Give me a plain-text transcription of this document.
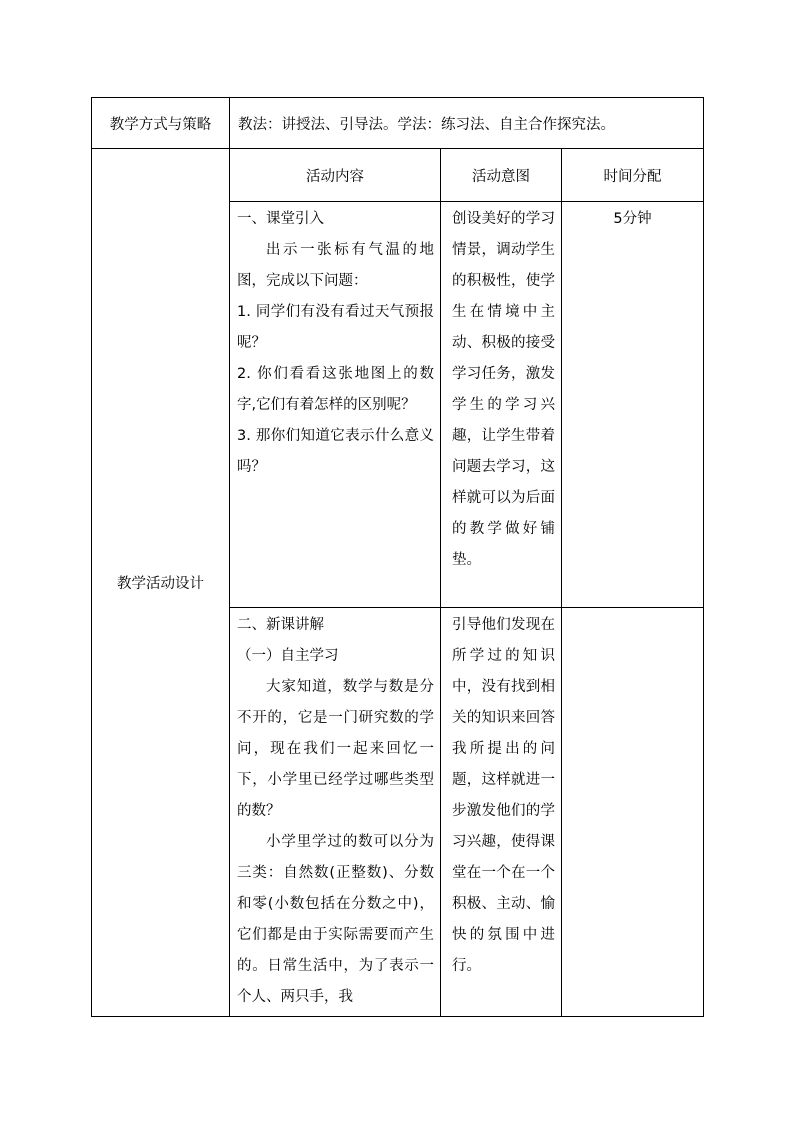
教学方式与策略	教法：讲授法、引导法。学法：练习法、自主合作探究法。		
教学活动设计	活动内容	活动意图	时间分配

	一、课堂引入

出示一张标有气温的地图，完成以下问题：

1. 同学们有没有看过天气预报呢？

2. 你们看看这张地图上的数字,它们有着怎样的区别呢？

3. 那你们知道它表示什么意义吗？	创设美好的学习情景，调动学生的积极性，使学生在情境中主动、积极的接受学习任务，激发学生的学习兴趣，让学生带着问题去学习，这样就可以为后面的教学做好铺垫。	5分钟

	二、新课讲解

（一）自主学习

大家知道，数学与数是分不开的，它是一门研究数的学问，现在我们一起来回忆一下，小学里已经学过哪些类型的数？

小学里学过的数可以分为三类：自然数(正整数)、分数和零(小数包括在分数之中)，它们都是由于实际需要而产生的。日常生活中，为了表示一个人、两只手，我	引导他们发现在所学过的知识中，没有找到相关的知识来回答我所提出的问题，这样就进一步激发他们的学习兴趣，使得课堂在一个在一个积极、主动、愉快的氛围中进行。	
